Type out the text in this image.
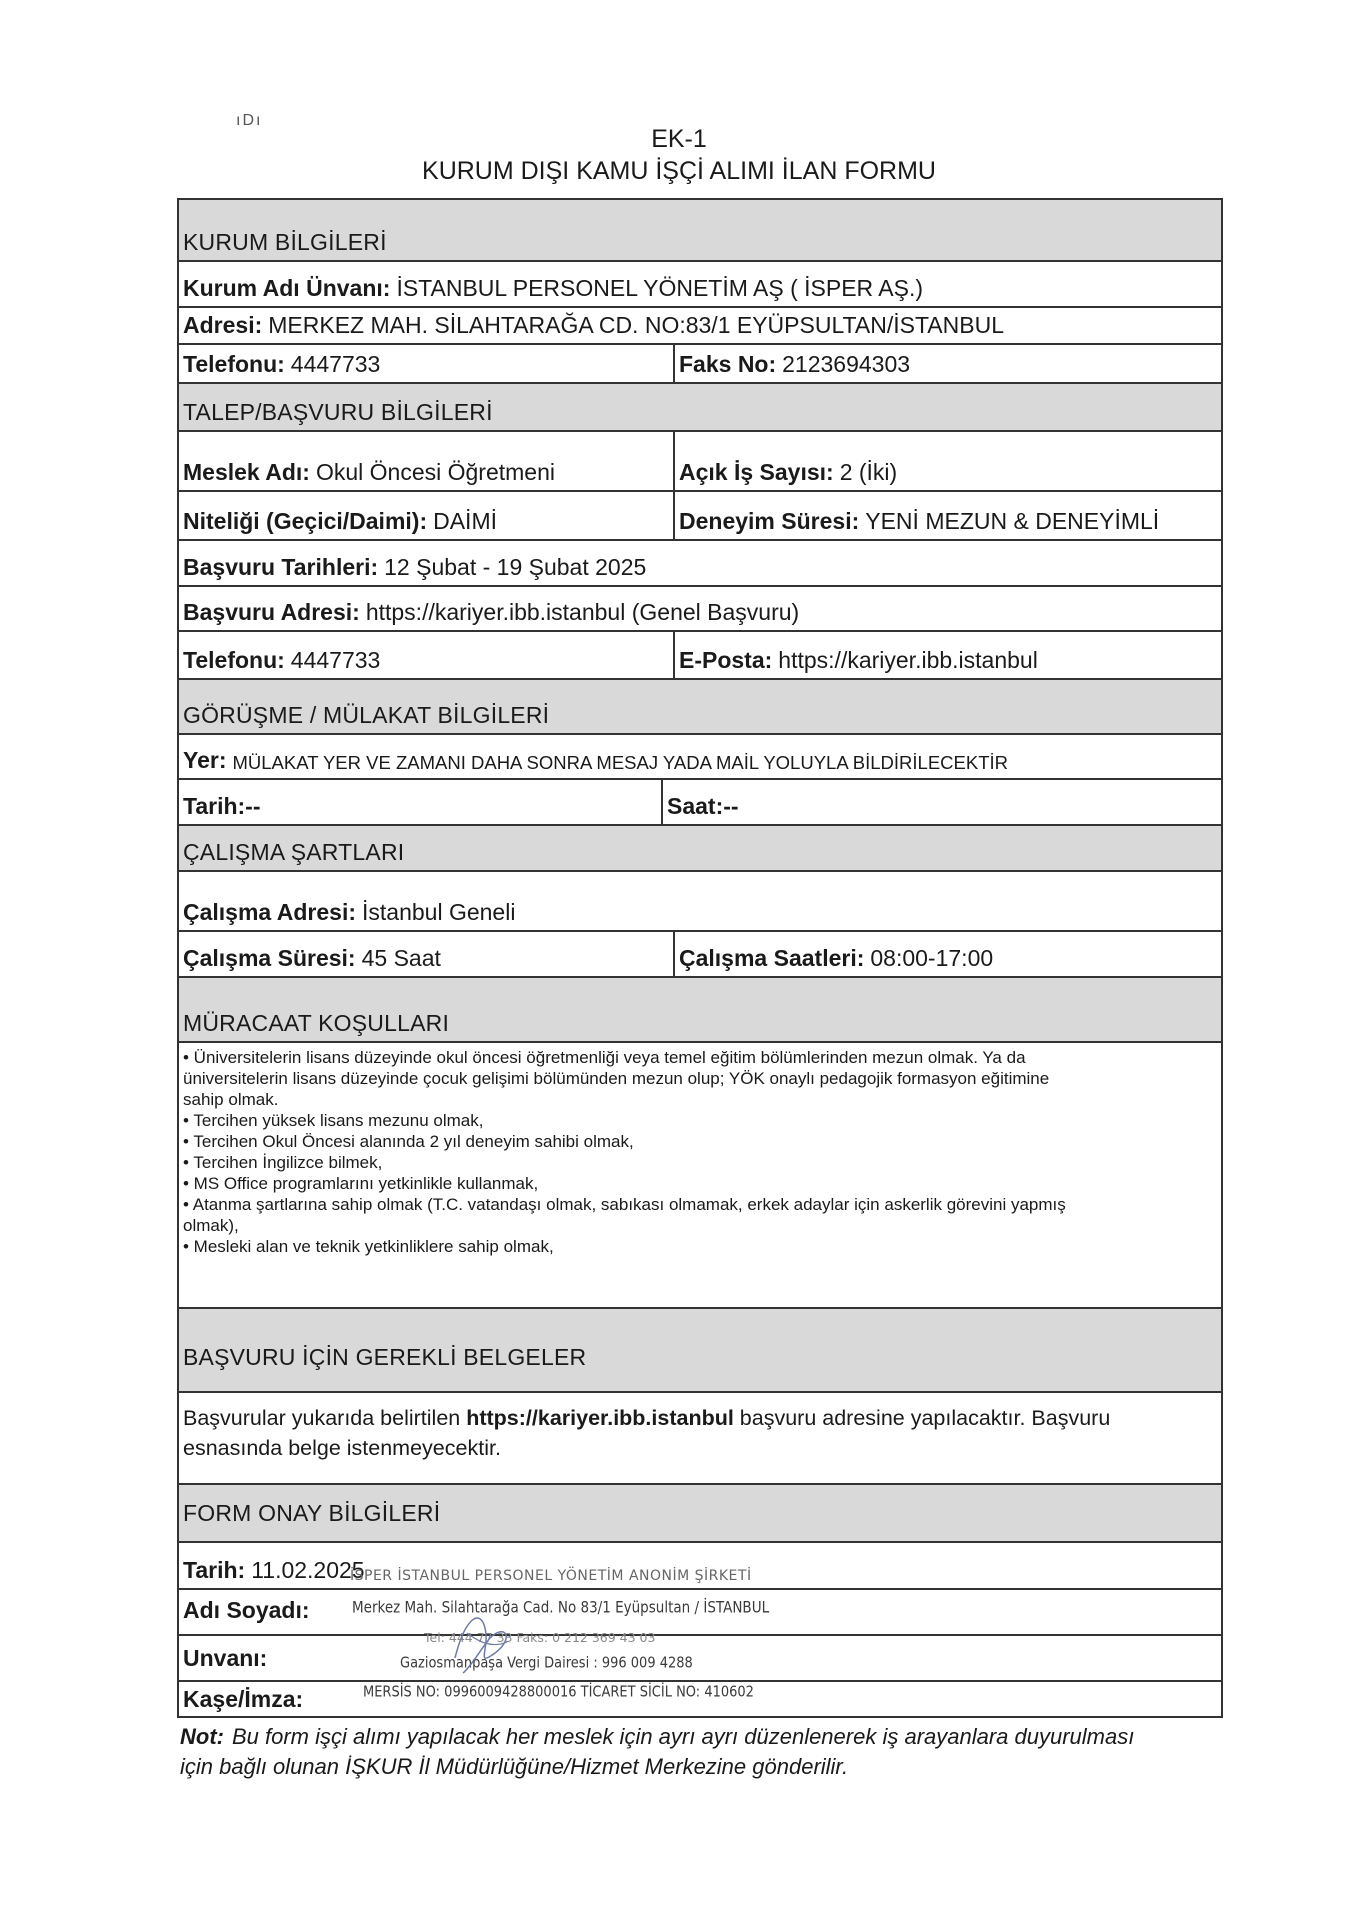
ıDı
EK-1
KURUM DIŞI KAMU İŞÇİ ALIMI İLAN FORMU
KURUM BİLGİLERİ
Kurum Adı Ünvanı: İSTANBUL PERSONEL YÖNETİM AŞ ( İSPER AŞ.)
Adresi: MERKEZ MAH. SİLAHTARAĞA CD. NO:83/1 EYÜPSULTAN/İSTANBUL
Telefonu: 4447733	Faks No: 2123694303
TALEP/BAŞVURU BİLGİLERİ
Meslek Adı: Okul Öncesi Öğretmeni	Açık İş Sayısı: 2 (İki)
Niteliği (Geçici/Daimi): DAİMİ	Deneyim Süresi: YENİ MEZUN & DENEYİMLİ
Başvuru Tarihleri: 12 Şubat - 19 Şubat 2025
Başvuru Adresi: https://kariyer.ibb.istanbul (Genel Başvuru)
Telefonu: 4447733	E-Posta: https://kariyer.ibb.istanbul
GÖRÜŞME / MÜLAKAT BİLGİLERİ
Yer: MÜLAKAT YER VE ZAMANI DAHA SONRA MESAJ YADA MAİL YOLUYLA BİLDİRİLECEKTİR
Tarih:--	Saat:--
ÇALIŞMA ŞARTLARI
Çalışma Adresi: İstanbul Geneli
Çalışma Süresi: 45 Saat	Çalışma Saatleri: 08:00-17:00
MÜRACAAT KOŞULLARI
• Üniversitelerin lisans düzeyinde okul öncesi öğretmenliği veya temel eğitim bölümlerinden mezun olmak. Ya da
üniversitelerin lisans düzeyinde çocuk gelişimi bölümünden mezun olup; YÖK onaylı pedagojik formasyon eğitimine
sahip olmak.
• Tercihen yüksek lisans mezunu olmak,
• Tercihen Okul Öncesi alanında 2 yıl deneyim sahibi olmak,
• Tercihen İngilizce bilmek,
• MS Office programlarını yetkinlikle kullanmak,
• Atanma şartlarına sahip olmak (T.C. vatandaşı olmak, sabıkası olmamak, erkek adaylar için askerlik görevini yapmış
olmak),
• Mesleki alan ve teknik yetkinliklere sahip olmak,
BAŞVURU İÇİN GEREKLİ BELGELER
Başvurular yukarıda belirtilen https://kariyer.ibb.istanbul başvuru adresine yapılacaktır. Başvuru
esnasında belge istenmeyecektir.
FORM ONAY BİLGİLERİ
Tarih: 11.02.2025
Adı Soyadı:
Unvanı:
Kaşe/İmza:
İSPER İSTANBUL PERSONEL YÖNETİM ANONİM ŞİRKETİ
Merkez Mah. Silahtarağa Cad. No 83/1 Eyüpsultan / İSTANBUL
Tel: 444 77 33 Faks: 0 212 369 43 03
Gaziosmanpaşa Vergi Dairesi : 996 009 4288
MERSİS NO: 0996009428800016 TİCARET SİCİL NO: 410602
Not: Bu form işçi alımı yapılacak her meslek için ayrı ayrı düzenlenerek iş arayanlara duyurulması
için bağlı olunan İŞKUR İl Müdürlüğüne/Hizmet Merkezine gönderilir.
